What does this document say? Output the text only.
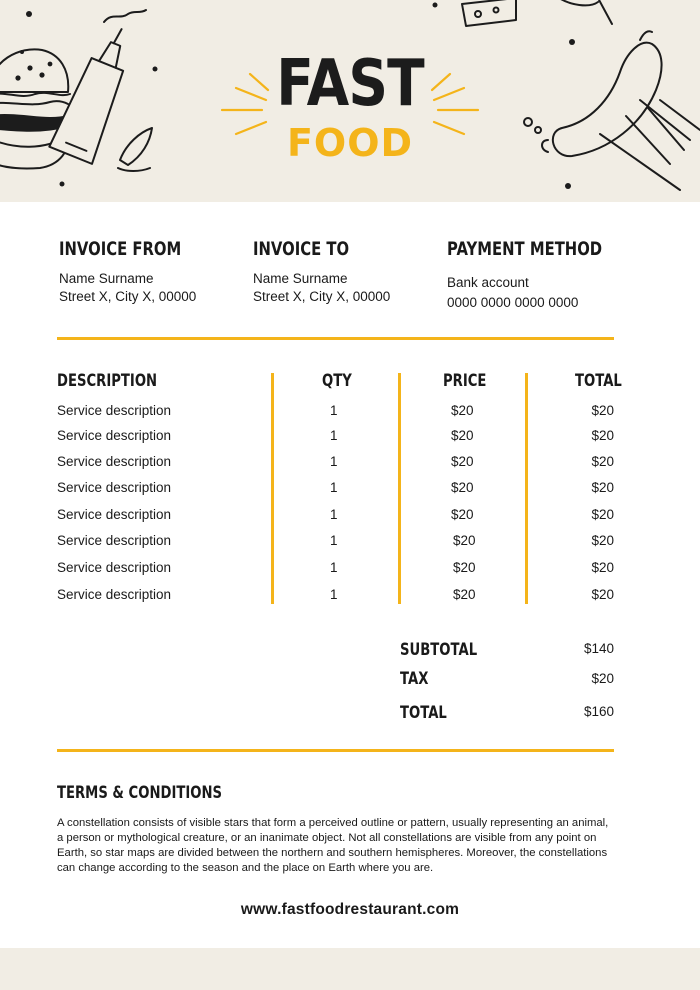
FAST
FOOD
INVOICE FROM
Name Surname
Street X, City X, 00000
INVOICE TO
Name Surname
Street X, City X, 00000
PAYMENT METHOD
Bank account
0000 0000 0000 0000
DESCRIPTION	QTY	PRICE	TOTAL
Service description	1	$20	$20
Service description	1	$20	$20
Service description	1	$20	$20
Service description	1	$20	$20
Service description	1	$20	$20
Service description	1	$20	$20
Service description	1	$20	$20
Service description	1	$20	$20
SUBTOTAL	$140
TAX	$20
TOTAL	$160
TERMS & CONDITIONS
A constellation consists of visible stars that form a perceived outline or pattern, usually representing an animal, a person or mythological creature, or an inanimate object. Not all constellations are visible from any point on Earth, so star maps are divided between the northern and southern hemispheres. Moreover, the constellations can change according to the season and the place on Earth where you are.
www.fastfoodrestaurant.com
